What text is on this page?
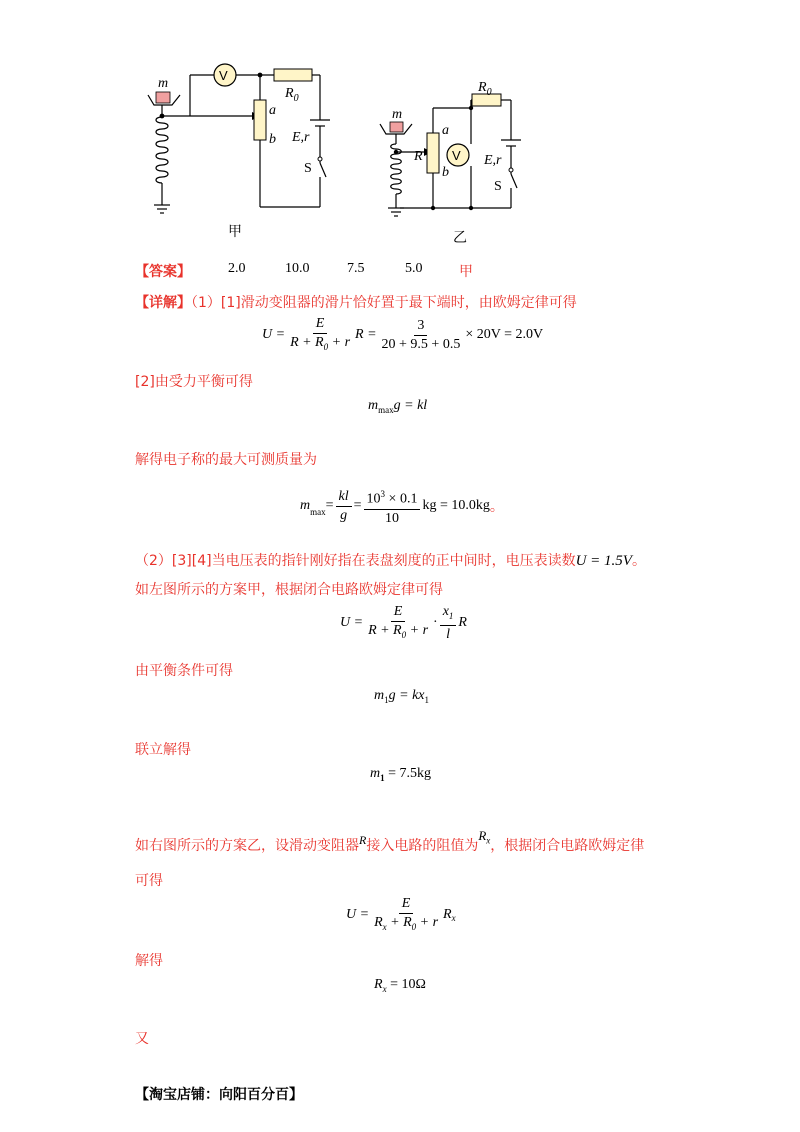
m
V
$R_0$
a
b E,r
S
甲
m
R
a
b
V
$R_0$
E,r
S
乙
【答案】	2.0	10.0	7.5	5.0	甲
【详解】（1）[1]滑动变阻器的滑片恰好置于最下端时，由欧姆定律可得
$U = \frac{E}{R + R_0 + r}$ $R = \frac{3}{20 + 9.5 + 0.5} \times 20V = 2.0V$
[2]由受力平衡可得
$m_{max}g$ = kl
解得电子称的最大可测质量为
$m_{max} = \frac{kl}{g} = \frac{10^3 \times 0.1}{10}$ kg = 10.0kg 。
（2）[3][4]当电压表的指针刚好指在表盘刻度的正中间时，电压表读数U = 1.5V。
如左图所示的方案甲，根据闭合电路欧姆定律可得
$U = \frac{E}{R + R_0 + r} \cdot \frac{x_1}{l}$ R
由平衡条件可得
$m_1g = kx_1$
联立解得
$m_1 = 7.5kg$
如右图所示的方案乙，设滑动变阻器R接入电路的阻值为$R_x$，根据闭合电路欧姆定律
可得
$U = \frac{E}{R_x + R_0 + r}$ R x
解得
$R_x = 10\Omega$
又
【淘宝店铺：向阳百分百】
